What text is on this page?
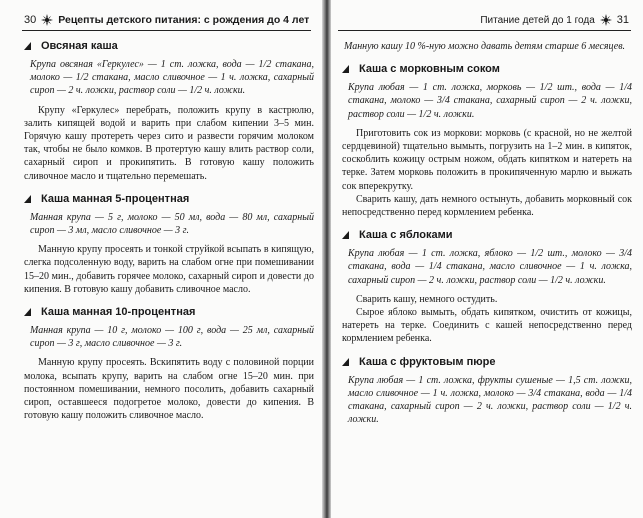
30 Рецепты детского питания: с рождения до 4 лет
Овсяная каша

Крупа овсяная «Геркулес» — 1 ст. ложка, вода — 1/2 стакана, молоко — 1/2 стакана, масло сливочное — 1 ч. ложка, сахарный сироп — 2 ч. ложки, раствор соли — 1/2 ч. ложки.

Крупу «Геркулес» перебрать, положить крупу в кастрюлю, залить кипящей водой и варить при слабом кипении 3–5 мин. Горячую кашу протереть через сито и развести горячим молоком так, чтобы не было комков. В протертую кашу влить раствор соли, сахарный сироп и прокипятить. В готовую кашу положить сливочное масло и тщательно перемешать.

Каша манная 5-процентная

Манная крупа — 5 г, молоко — 50 мл, вода — 80 мл, сахарный сироп — 3 мл, масло сливочное — 3 г.

Манную крупу просеять и тонкой струйкой всыпать в кипящую, слегка подсоленную воду, варить на слабом огне при помешивании 15–20 мин., добавить горячее молоко, сахарный сироп и довести до кипения. В готовую кашу добавить сливочное масло.

Каша манная 10-процентная

Манная крупа — 10 г, молоко — 100 г, вода — 25 мл, сахарный сироп — 3 г, масло сливочное — 3 г.

Манную крупу просеять. Вскипятить воду с половиной порции молока, всыпать крупу, варить на слабом огне 15–20 мин. при постоянном помешивании, немного посолить, добавить сахарный сироп, оставшееся подогретое молоко, довести до кипения. В готовую кашу положить сливочное масло.

Питание детей до 1 года 31

Манную кашу 10 %-ную можно давать детям старше 6 месяцев.

Каша с морковным соком

Крупа любая — 1 ст. ложка, морковь — 1/2 шт., вода — 1/4 стакана, молоко — 3/4 стакана, сахарный сироп — 2 ч. ложки, раствор соли — 1/2 ч. ложки.

Приготовить сок из моркови: морковь (с красной, но не желтой сердцевиной) тщательно вымыть, погрузить на 1–2 мин. в кипяток, соскоблить кожицу острым ножом, обдать кипятком и натереть на терке. Затем морковь положить в прокипяченную марлю и выжать сок вперекрутку.

Сварить кашу, дать немного остынуть, добавить морковный сок непосредственно перед кормлением ребенка.

Каша с яблоками

Крупа любая — 1 ст. ложка, яблоко — 1/2 шт., молоко — 3/4 стакана, вода — 1/4 стакана, масло сливочное — 1 ч. ложка, сахарный сироп — 2 ч. ложки, раствор соли — 1/2 ч. ложки.

Сварить кашу, немного остудить.

Сырое яблоко вымыть, обдать кипятком, очистить от кожицы, натереть на терке. Соединить с кашей непосредственно перед кормлением ребенка.

Каша с фруктовым пюре

Крупа любая — 1 ст. ложка, фрукты сушеные — 1,5 ст. ложки, масло сливочное — 1 ч. ложка, молоко — 3/4 стакана, вода — 1/4 стакана, сахарный сироп — 2 ч. ложки, раствор соли — 1/2 ч. ложки.
